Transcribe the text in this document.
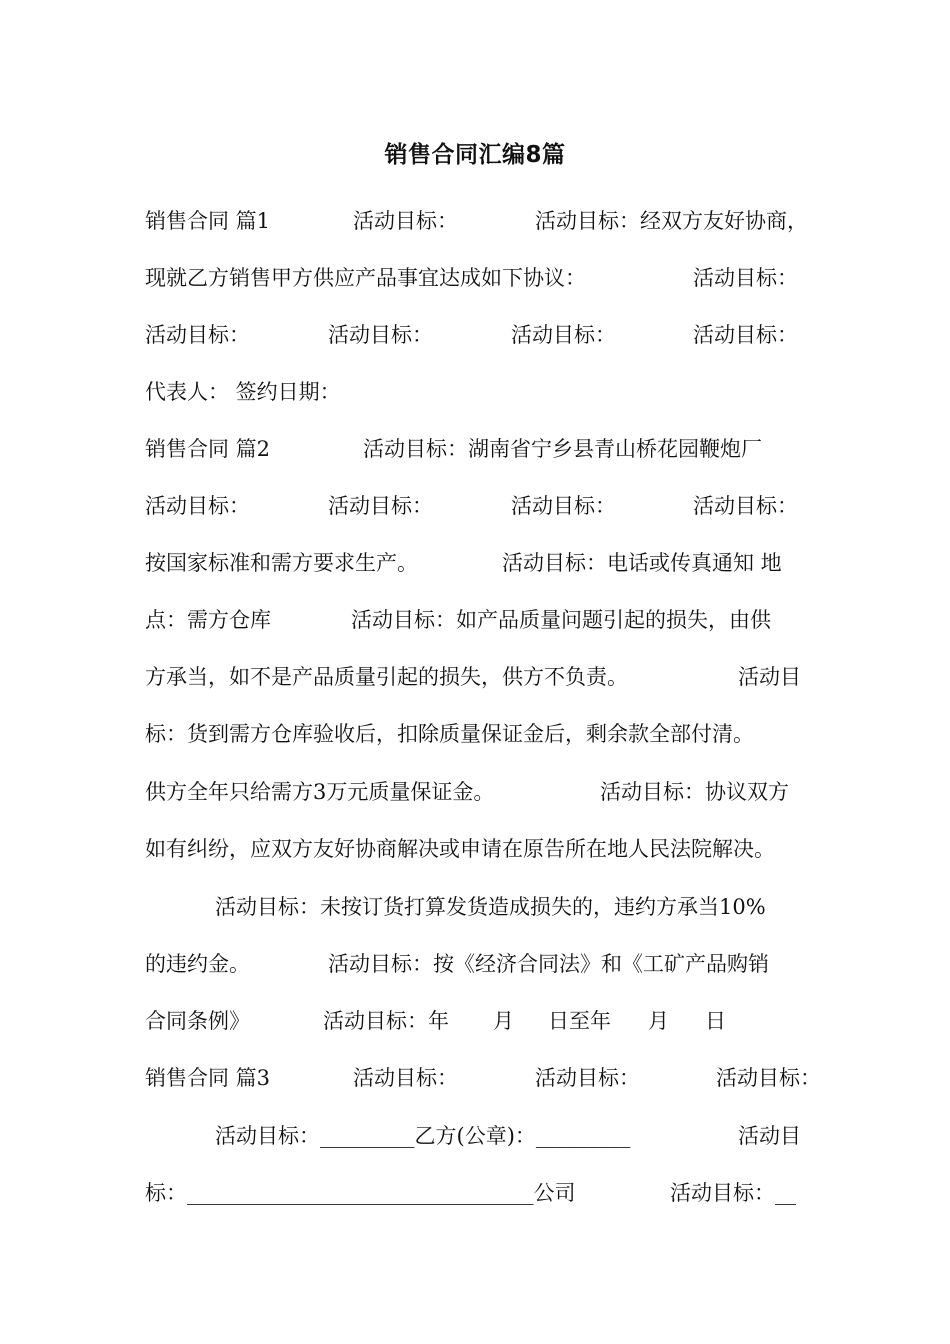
销售合同汇编8篇
销售合同 篇1	活动目标：	活动目标：经双方友好协商，
现就乙方销售甲方供应产品事宜达成如下协议：	活动目标：
活动目标：	活动目标：	活动目标：	活动目标：
代表人： 签约日期：
销售合同 篇2	活动目标：湖南省宁乡县青山桥花园鞭炮厂
活动目标：	活动目标：	活动目标：	活动目标：
按国家标准和需方要求生产。	活动目标：电话或传真通知 地
点：需方仓库	活动目标：如产品质量问题引起的损失，由供
方承当，如不是产品质量引起的损失，供方不负责。	活动目
标：货到需方仓库验收后，扣除质量保证金后，剩余款全部付清。
供方全年只给需方3万元质量保证金。	活动目标：协议双方
如有纠纷，应双方友好协商解决或申请在原告所在地人民法院解决。
活动目标：未按订货打算发货造成损失的，违约方承当10%
的违约金。	活动目标：按《经济合同法》和《工矿产品购销
合同条例》	活动目标：年 月 日至年 月 日
销售合同 篇3	活动目标：	活动目标：	活动目标：
活动目标：_________乙方(公章)：_________	活动目
标：_________________________________公司	活动目标：__
